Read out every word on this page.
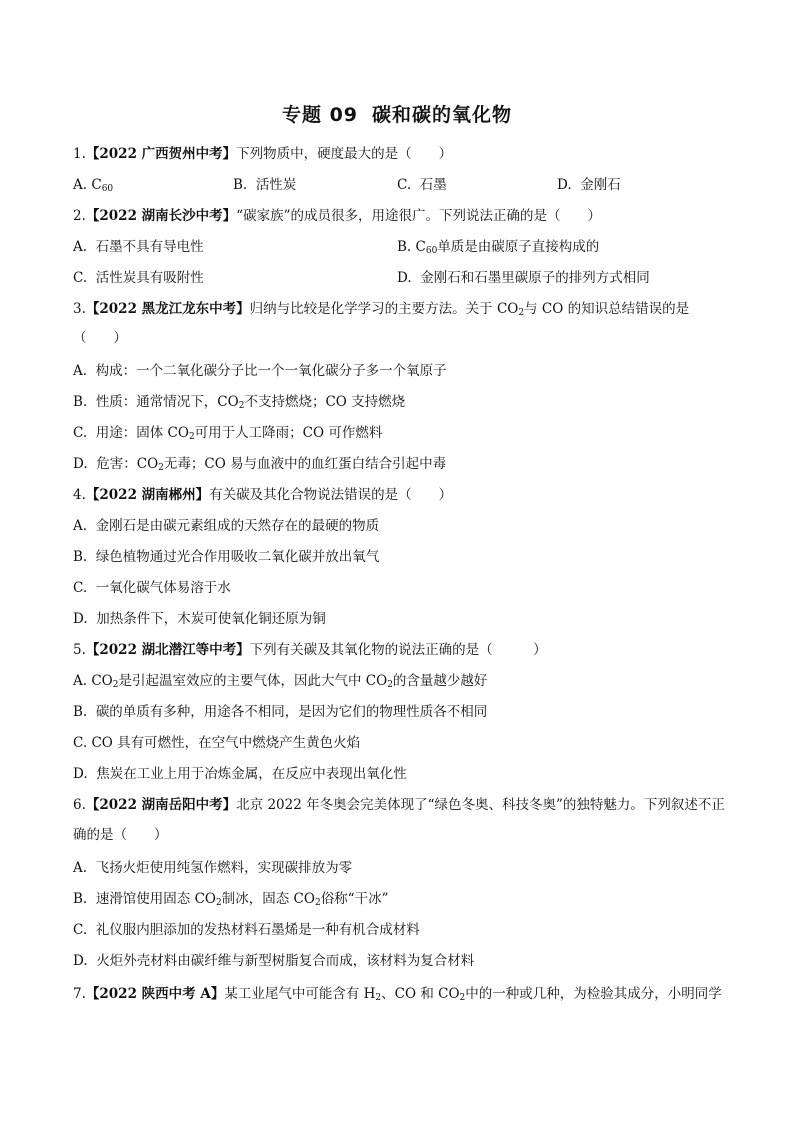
专题 09 碳和碳的氧化物
1.【2022 广西贺州中考】下列物质中，硬度最大的是（　　）
A. $C_{60}$	B. 活性炭	C. 石墨	D. 金刚石
2.【2022 湖南长沙中考】“碳家族”的成员很多，用途很广。下列说法正确的是（　　）
A. 石墨不具有导电性	B. $C_{60}$单质是由碳原子直接构成的
C. 活性炭具有吸附性	D. 金刚石和石墨里碳原子的排列方式相同
3.【2022 黑龙江龙东中考】归纳与比较是化学学习的主要方法。关于 $CO_2$与 CO 的知识总结错误的是
（　　）
A. 构成：一个二氧化碳分子比一个一氧化碳分子多一个氧原子
B. 性质：通常情况下，$CO_2$不支持燃烧；CO 支持燃烧
C. 用途：固体 $CO_2$可用于人工降雨；CO 可作燃料
D. 危害：$CO_2$无毒；CO 易与血液中的血红蛋白结合引起中毒
4.【2022 湖南郴州】有关碳及其化合物说法错误的是（　　）
A. 金刚石是由碳元素组成的天然存在的最硬的物质
B. 绿色植物通过光合作用吸收二氧化碳并放出氧气
C. 一氧化碳气体易溶于水
D. 加热条件下，木炭可使氧化铜还原为铜
5.【2022 湖北潜江等中考】下列有关碳及其氧化物的说法正确的是（　　　）
A. $CO_2$是引起温室效应的主要气体，因此大气中 $CO_2$的含量越少越好
B. 碳的单质有多种，用途各不相同，是因为它们的物理性质各不相同
C. CO 具有可燃性，在空气中燃烧产生黄色火焰
D. 焦炭在工业上用于冶炼金属，在反应中表现出氧化性
6.【2022 湖南岳阳中考】北京 2022 年冬奥会完美体现了“绿色冬奥、科技冬奥”的独特魅力。下列叙述不正
确的是（　　）
A. 飞扬火炬使用纯氢作燃料，实现碳排放为零
B. 速滑馆使用固态 $CO_2$制冰，固态 $CO_2$俗称“干冰”
C. 礼仪服内胆添加的发热材料石墨烯是一种有机合成材料
D. 火炬外壳材料由碳纤维与新型树脂复合而成，该材料为复合材料
7.【2022 陕西中考 A】某工业尾气中可能含有 $H_2$、CO 和 $CO_2$中的一种或几种，为检验其成分，小明同学
